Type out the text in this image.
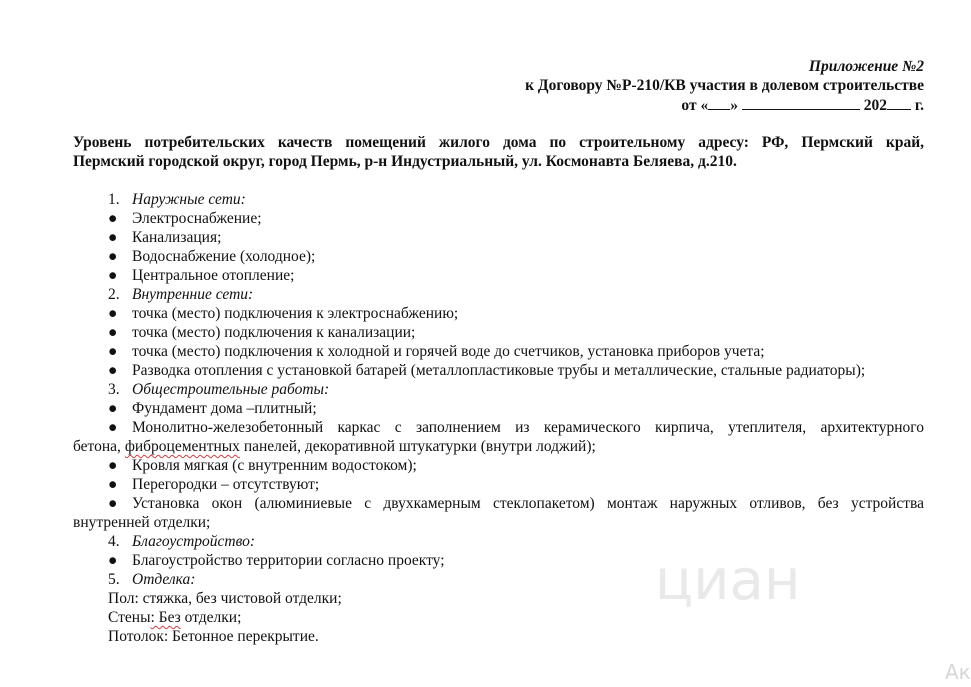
Приложение №2
к Договору №Р-210/КВ участия в долевом строительстве
от « »	202 г.
Уровень потребительских качеств помещений жилого дома по строительному адресу: РФ, Пермский край,
Пермский городской округ, город Пермь, р-н Индустриальный, ул. Космонавта Беляева, д.210.
1. Наружные сети:
● Электроснабжение;
● Канализация;
● Водоснабжение (холодное);
● Центральное отопление;
2. Внутренние сети:
● точка (место) подключения к электроснабжению;
● точка (место) подключения к канализации;
● точка (место) подключения к холодной и горячей воде до счетчиков, установка приборов учета;
● Разводка отопления с установкой батарей (металлопластиковые трубы и металлические, стальные радиаторы);
3. Общестроительные работы:
● Фундамент дома –плитный;
● Монолитно-железобетонный каркас с заполнением из керамического кирпича, утеплителя, архитектурного
бетона, фиброцементных панелей, декоративной штукатурки (внутри лоджий);
● Кровля мягкая (с внутренним водостоком);
● Перегородки – отсутствуют;
● Установка окон (алюминиевые с двухкамерным стеклопакетом) монтаж наружных отливов, без устройства
внутренней отделки;
4. Благоустройство:
● Благоустройство территории согласно проекту;
5. Отделка:
Пол: стяжка, без чистовой отделки;
Стены: Без отделки;
Потолок: Бетонное перекрытие.
циан
Ак
